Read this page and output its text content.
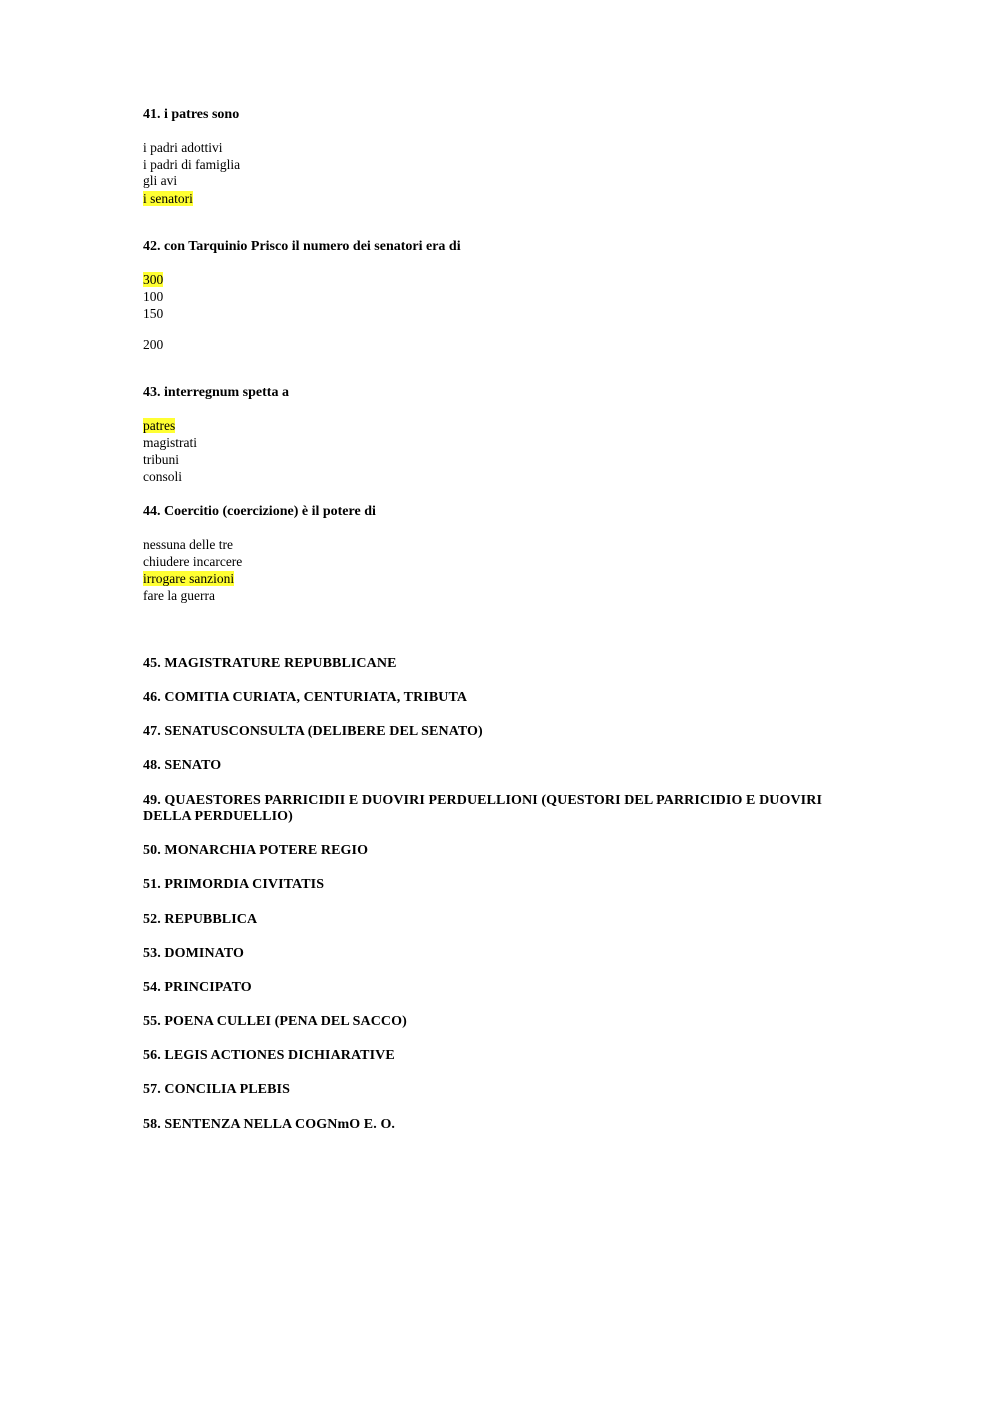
41. i patres sono
i padri adottivi
i padri di famiglia
gli avi
i senatori
42. con Tarquinio Prisco il numero dei senatori era di
300
100
150
200
43. interregnum spetta a
patres
magistrati
tribuni
consoli
44. Coercitio (coercizione) è il potere di
nessuna delle tre
chiudere incarcere
irrogare sanzioni
fare la guerra

45. MAGISTRATURE REPUBBLICANE

46. COMITIA CURIATA, CENTURIATA, TRIBUTA

47. SENATUSCONSULTA (DELIBERE DEL SENATO)

48. SENATO

49. QUAESTORES PARRICIDII E DUOVIRI PERDUELLIONI (QUESTORI DEL PARRICIDIO E DUOVIRI DELLA PERDUELLIO)

50. MONARCHIA POTERE REGIO

51. PRIMORDIA CIVITATIS

52. REPUBBLICA

53. DOMINATO

54. PRINCIPATO

55. POENA CULLEI (PENA DEL SACCO)

56. LEGIS ACTIONES DICHIARATIVE

57. CONCILIA PLEBIS

58. SENTENZA NELLA COGNmO E. O.
